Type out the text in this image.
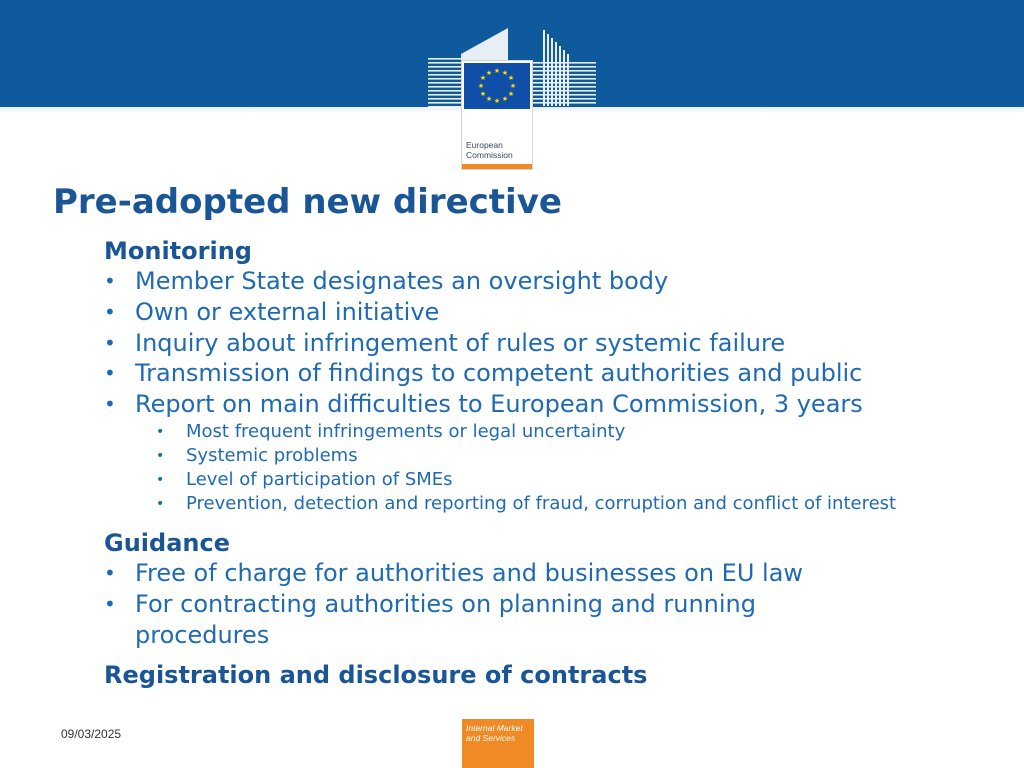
★ ★
★
★
★
★
★
★
★
★
★
★
European
Commission
Pre-adopted new directive
Monitoring
• Member State designates an oversight body
• Own or external initiative
• Inquiry about infringement of rules or systemic failure
• Transmission of findings to competent authorities and public
• Report on main difficulties to European Commission, 3 years
• Most frequent infringements or legal uncertainty
• Systemic problems
• Level of participation of SMEs
• Prevention, detection and reporting of fraud, corruption and conflict of interest
Guidance
• Free of charge for authorities and businesses on EU law
• For contracting authorities on planning and running procedures
Registration and disclosure of contracts
09/03/2025	Internal Market
and Services
